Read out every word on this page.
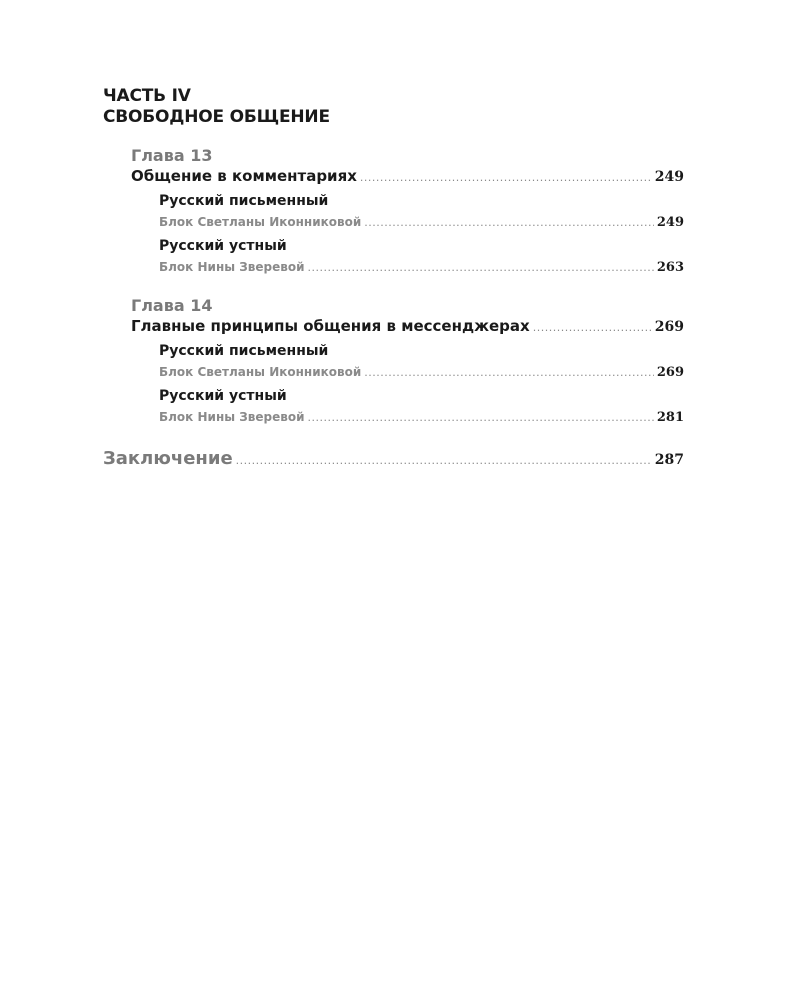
ЧАСТЬ IV
СВОБОДНОЕ ОБЩЕНИЕ
Глава 13
Общение в комментариях .....	249
Русский письменный
Блок Светланы Иконниковой .....	249
Русский устный
Блок Нины Зверевой .....	263
Глава 14
Главные принципы общения в мессенджерах .....	269
Русский письменный
Блок Светланы Иконниковой .....	269
Русский устный
Блок Нины Зверевой .....	281
Заключение .....	287
